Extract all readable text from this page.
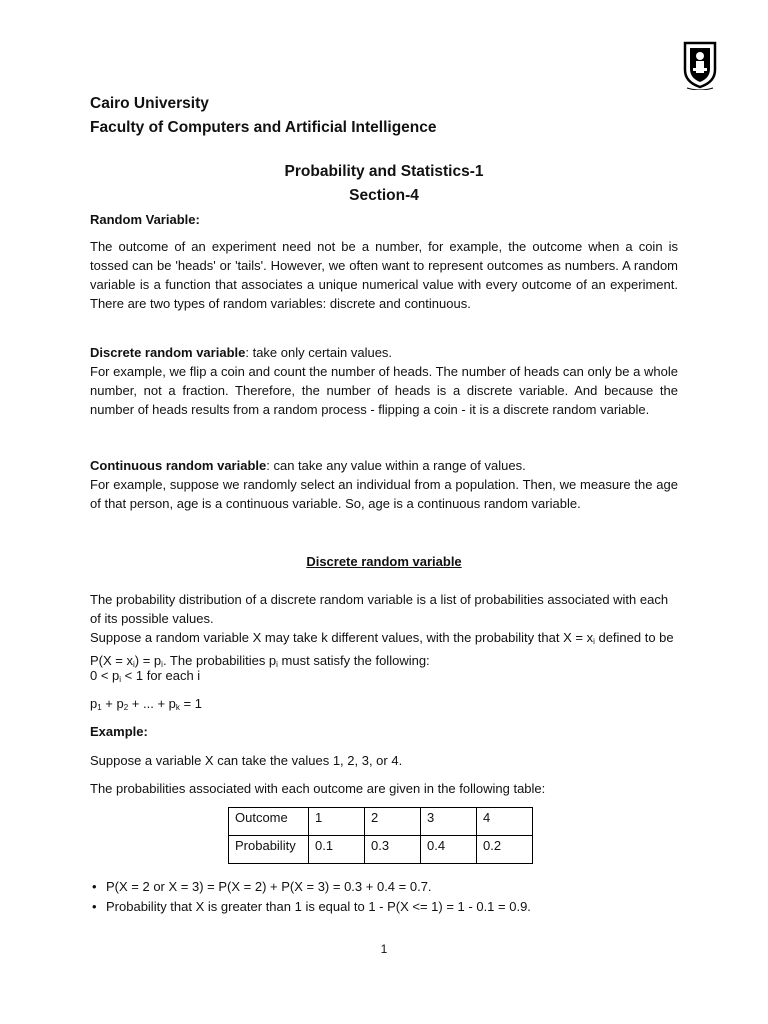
Cairo University
Faculty of Computers and Artificial Intelligence
Probability and Statistics-1
Section-4
Random Variable:
The outcome of an experiment need not be a number, for example, the outcome when a coin is tossed can be 'heads' or 'tails'. However, we often want to represent outcomes as numbers. A random variable is a function that associates a unique numerical value with every outcome of an experiment. There are two types of random variables: discrete and continuous.
Discrete random variable: take only certain values.
For example, we flip a coin and count the number of heads. The number of heads can only be a whole number, not a fraction. Therefore, the number of heads is a discrete variable. And because the number of heads results from a random process - flipping a coin - it is a discrete random variable.
Continuous random variable: can take any value within a range of values.
For example, suppose we randomly select an individual from a population. Then, we measure the age of that person, age is a continuous variable. So, age is a continuous random variable.
Discrete random variable
The probability distribution of a discrete random variable is a list of probabilities associated with each of its possible values.
Suppose a random variable X may take k different values, with the probability that $X = x_i$ defined to be $P(X = x_i) = p_i$. The probabilities $p_i$ must satisfy the following:
$0 < p_i < 1$ for each i
$p_1 + p_2$ + ... + $p_k = 1$
Example:
Suppose a variable X can take the values 1, 2, 3, or 4.
The probabilities associated with each outcome are given in the following table:
Outcome	1	2	3	4
Probability	0.1	0.3	0.4	0.2
• P(X = 2 or X = 3) = P(X = 2) + P(X = 3) = 0.3 + 0.4 = 0.7.
• Probability that X is greater than 1 is equal to 1 - P(X <= 1) = 1 - 0.1 = 0.9.
1
